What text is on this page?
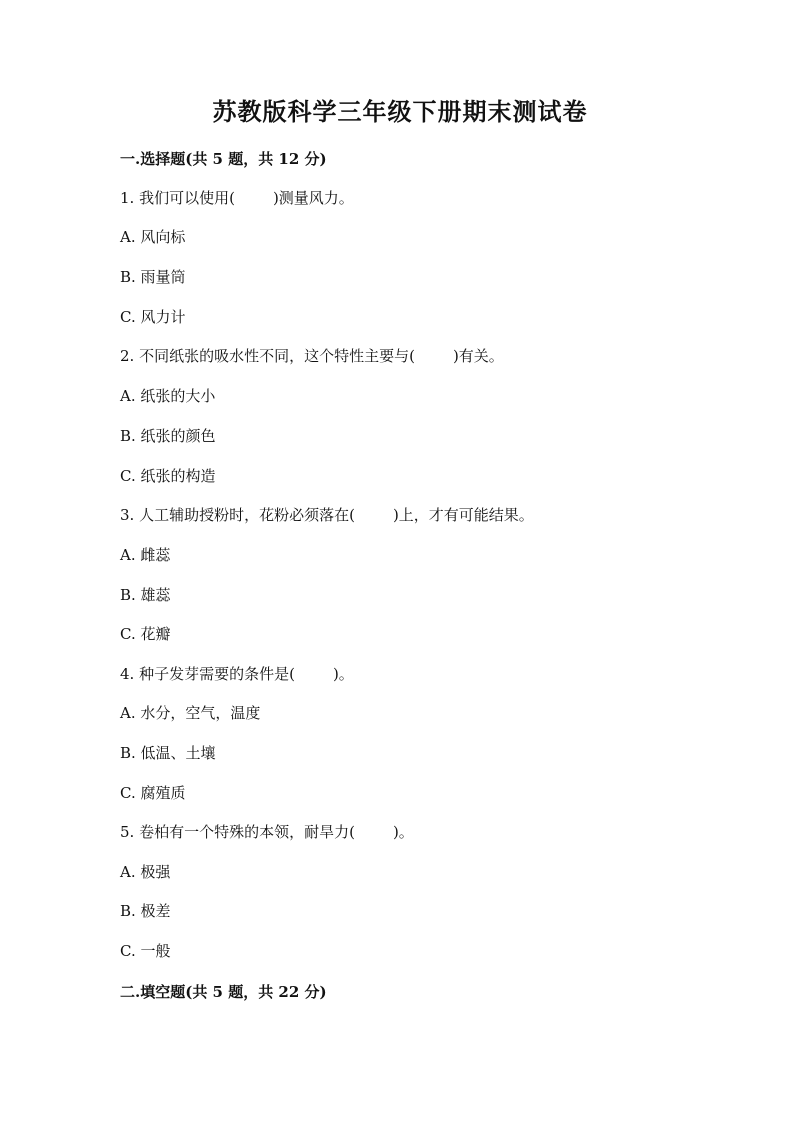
苏教版科学三年级下册期末测试卷
一.选择题(共 5 题，共 12 分)
1. 我们可以使用(	)测量风力。
A. 风向标
B. 雨量筒
C. 风力计
2. 不同纸张的吸水性不同，这个特性主要与(	)有关。
A. 纸张的大小
B. 纸张的颜色
C. 纸张的构造
3. 人工辅助授粉时，花粉必须落在(	)上，才有可能结果。
A. 雌蕊
B. 雄蕊
C. 花瓣
4. 种子发芽需要的条件是(	)。
A. 水分，空气，温度
B. 低温、土壤
C. 腐殖质
5. 卷柏有一个特殊的本领，耐旱力(	)。
A. 极强
B. 极差
C. 一般
二.填空题(共 5 题，共 22 分)
